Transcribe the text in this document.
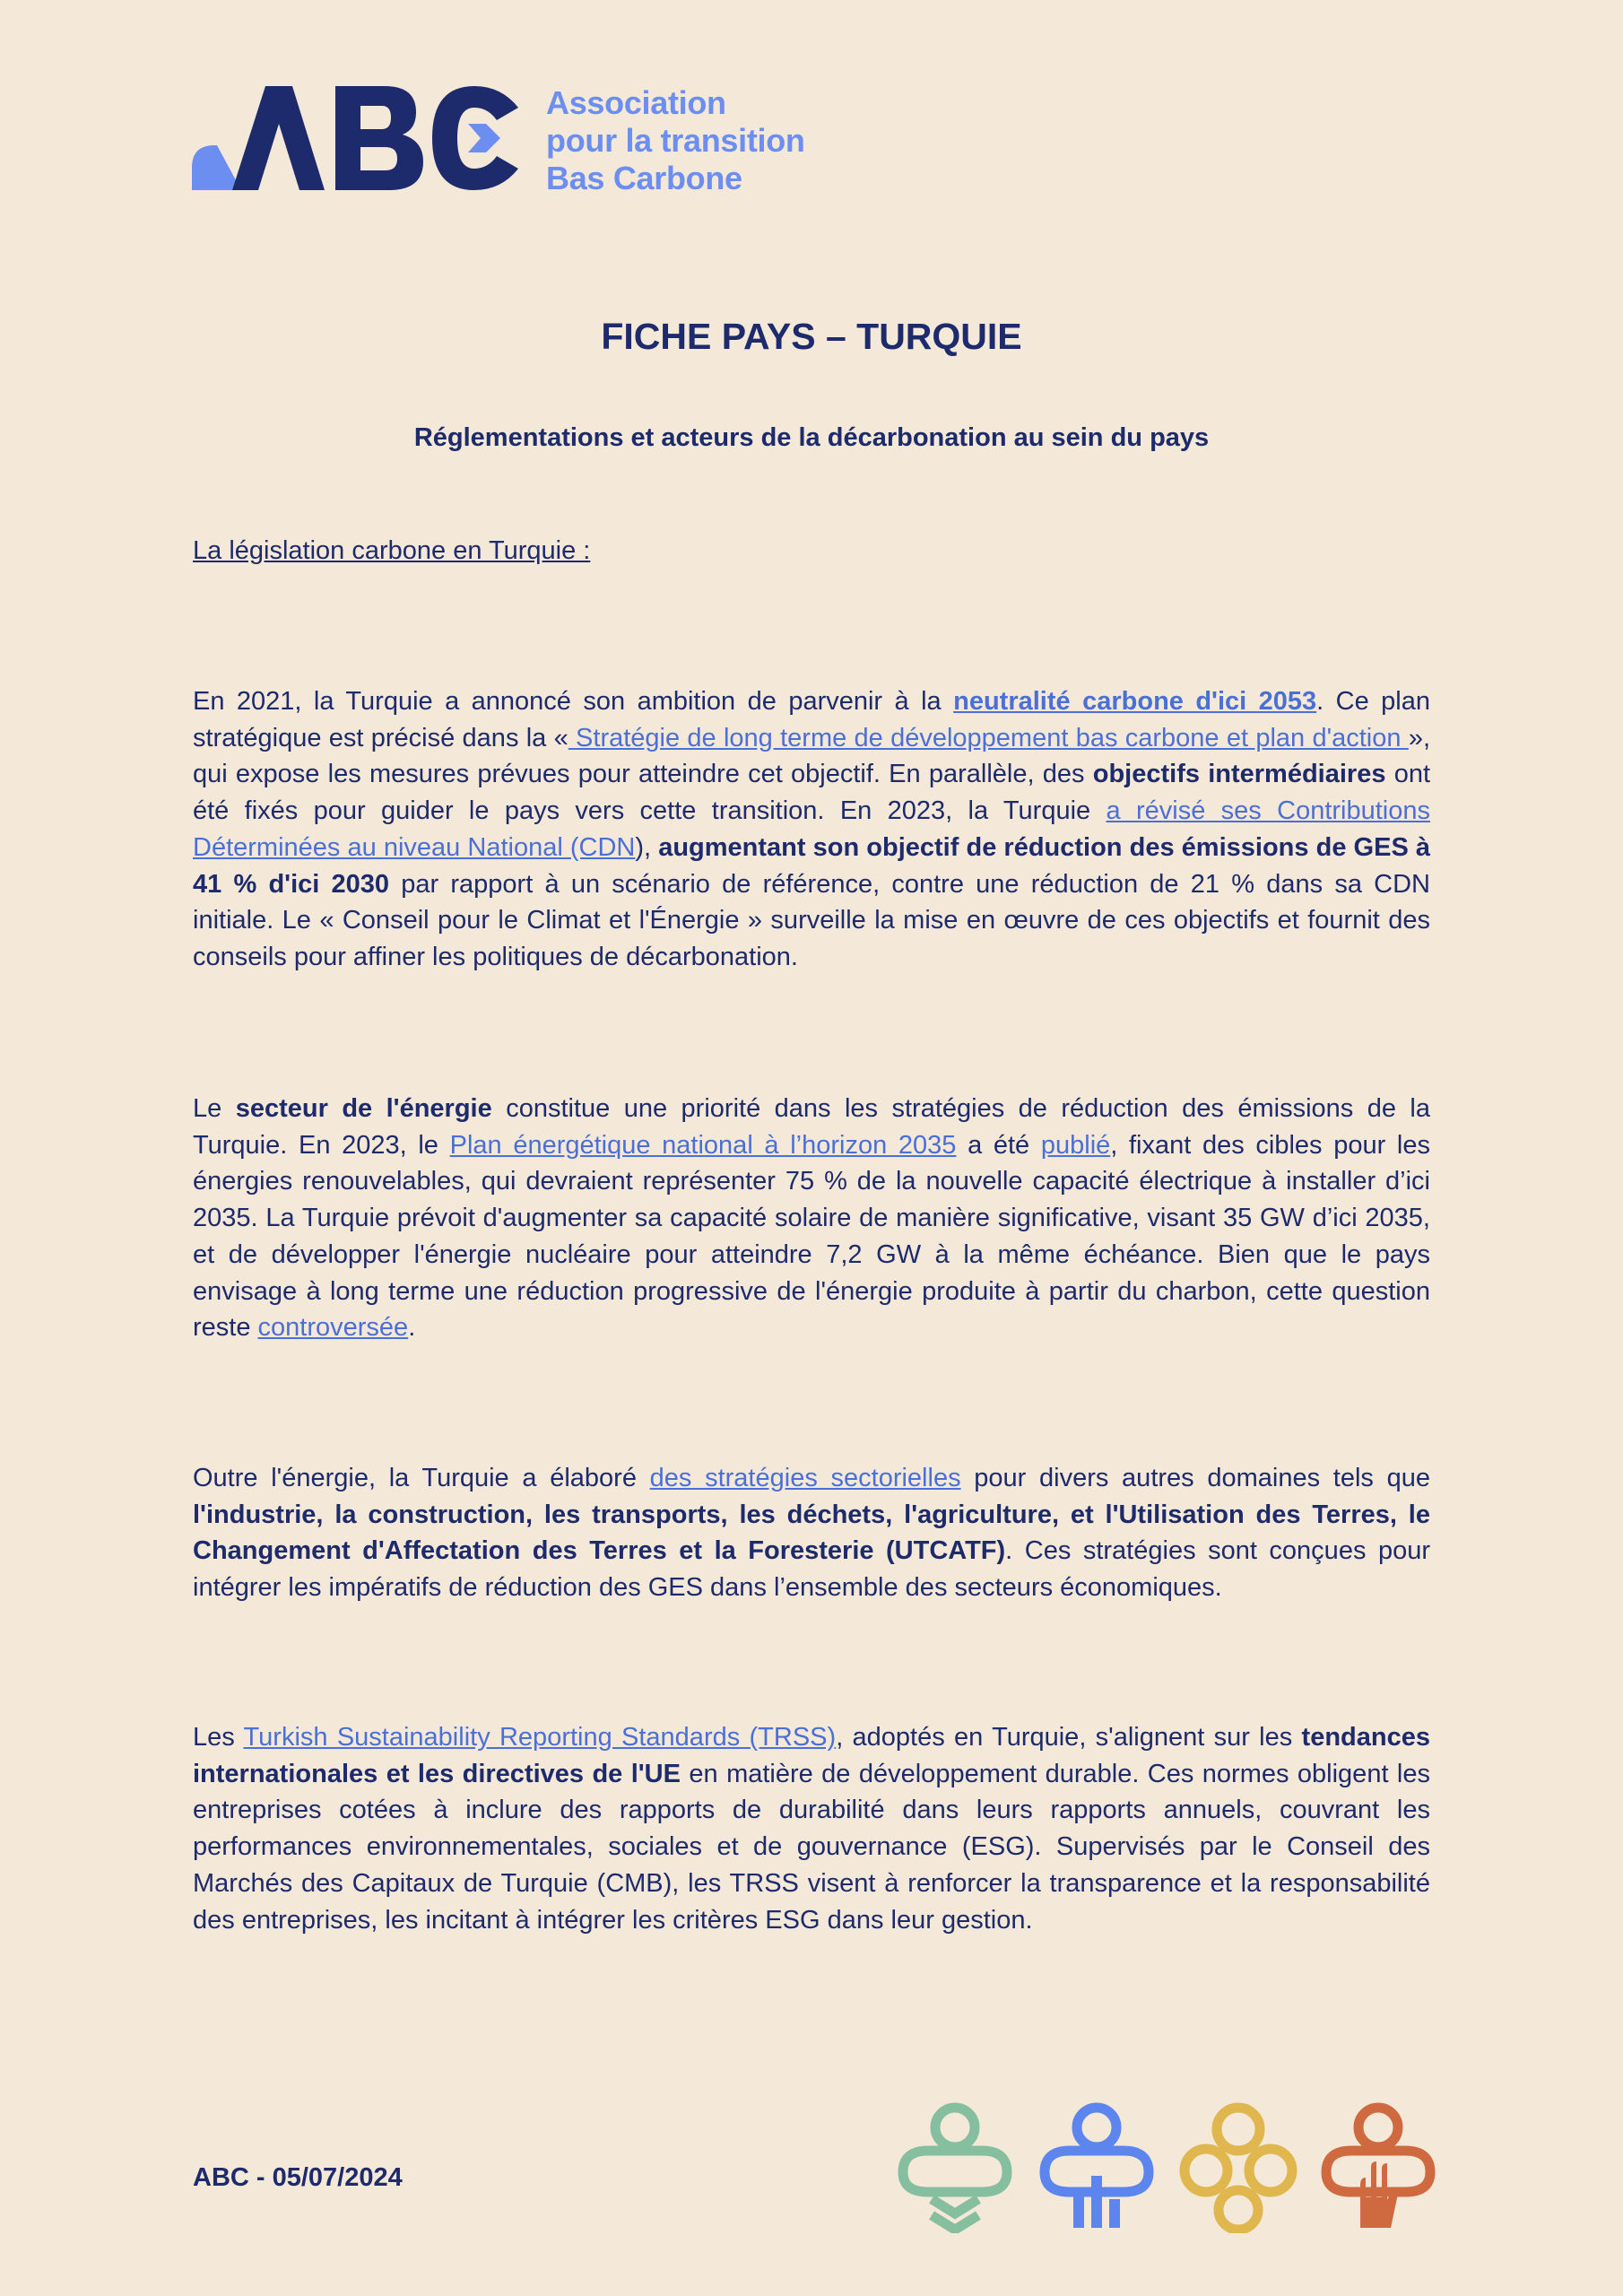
Association
pour la transition
Bas Carbone
FICHE PAYS – TURQUIE
Réglementations et acteurs de la décarbonation au sein du pays
La législation carbone en Turquie :
En 2021, la Turquie a annoncé son ambition de parvenir à la neutralité carbone d'ici 2053. Ce plan stratégique est précisé dans la « Stratégie de long terme de développement bas carbone et plan d'action », qui expose les mesures prévues pour atteindre cet objectif. En parallèle, des objectifs intermédiaires ont été fixés pour guider le pays vers cette transition. En 2023, la Turquie a révisé ses Contributions Déterminées au niveau National (CDN), augmentant son objectif de réduction des émissions de GES à 41 % d'ici 2030 par rapport à un scénario de référence, contre une réduction de 21 % dans sa CDN initiale. Le « Conseil pour le Climat et l'Énergie » surveille la mise en œuvre de ces objectifs et fournit des conseils pour affiner les politiques de décarbonation.
Le secteur de l'énergie constitue une priorité dans les stratégies de réduction des émissions de la Turquie. En 2023, le Plan énergétique national à l’horizon 2035 a été publié, fixant des cibles pour les énergies renouvelables, qui devraient représenter 75 % de la nouvelle capacité électrique à installer d’ici 2035. La Turquie prévoit d'augmenter sa capacité solaire de manière significative, visant 35 GW d’ici 2035, et de développer l'énergie nucléaire pour atteindre 7,2 GW à la même échéance. Bien que le pays envisage à long terme une réduction progressive de l'énergie produite à partir du charbon, cette question reste controversée.
Outre l'énergie, la Turquie a élaboré des stratégies sectorielles pour divers autres domaines tels que l'industrie, la construction, les transports, les déchets, l'agriculture, et l'Utilisation des Terres, le Changement d'Affectation des Terres et la Foresterie (UTCATF). Ces stratégies sont conçues pour intégrer les impératifs de réduction des GES dans l’ensemble des secteurs économiques.
Les Turkish Sustainability Reporting Standards (TRSS), adoptés en Turquie, s'alignent sur les tendances internationales et les directives de l'UE en matière de développement durable. Ces normes obligent les entreprises cotées à inclure des rapports de durabilité dans leurs rapports annuels, couvrant les performances environnementales, sociales et de gouvernance (ESG). Supervisés par le Conseil des Marchés des Capitaux de Turquie (CMB), les TRSS visent à renforcer la transparence et la responsabilité des entreprises, les incitant à intégrer les critères ESG dans leur gestion.
ABC - 05/07/2024
